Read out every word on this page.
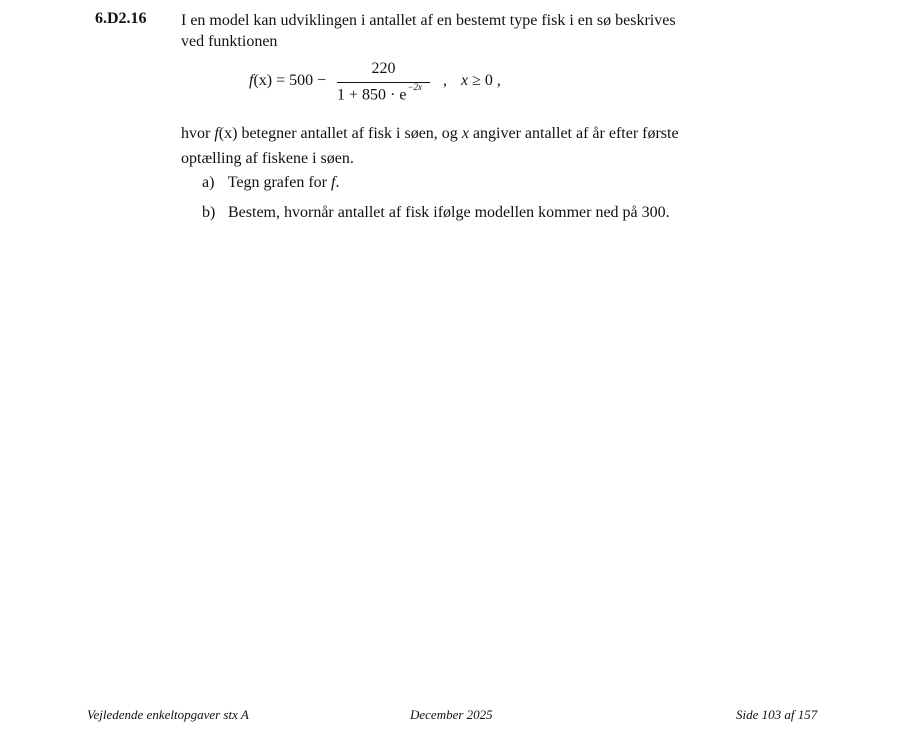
6.D2.16 I en model kan udviklingen i antallet af en bestemt type fisk i en sø beskrives
ved funktionen
f(x) = 500 −
220
$1 + 850 \cdot e^{-2x}$	, x ≥ 0 ,
hvor f(x) betegner antallet af fisk i søen, og x angiver antallet af år efter første
optælling af fiskene i søen.
a) Tegn grafen for f.
b) Bestem, hvornår antallet af fisk ifølge modellen kommer ned på 300.
Vejledende enkeltopgaver stx A	December 2025	Side 103 af 157
